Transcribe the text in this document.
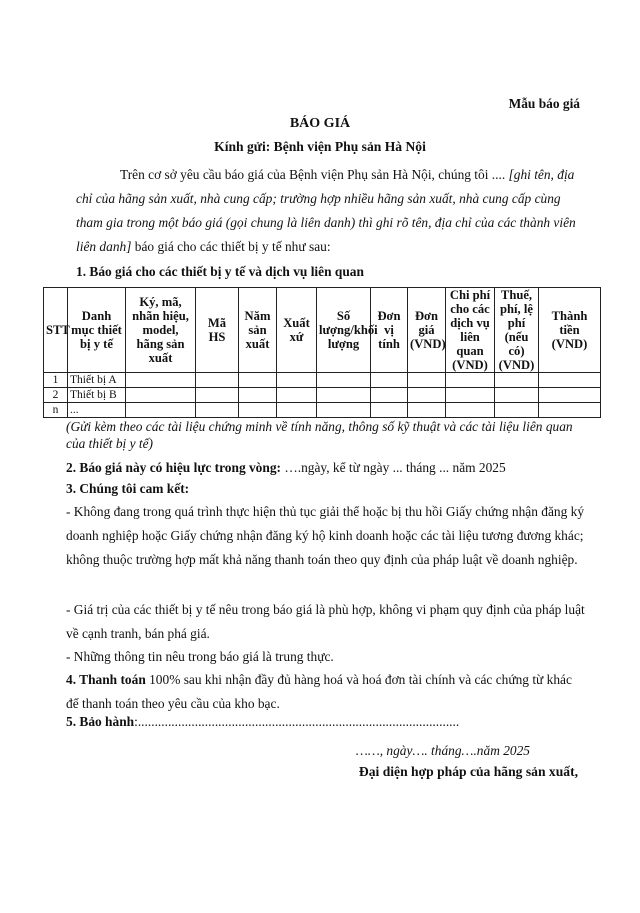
Mẫu báo giá
BÁO GIÁ
Kính gửi: Bệnh viện Phụ sản Hà Nội
Trên cơ sở yêu cầu báo giá của Bệnh viện Phụ sản Hà Nội, chúng tôi .... [ghi tên, địa chỉ của hãng sản xuất, nhà cung cấp; trường hợp nhiều hãng sản xuất, nhà cung cấp cùng tham gia trong một báo giá (gọi chung là liên danh) thì ghi rõ tên, địa chỉ của các thành viên liên danh] báo giá cho các thiết bị y tế như sau:
1. Báo giá cho các thiết bị y tế và dịch vụ liên quan
STT	Danh mục thiết bị y tế	Ký, mã, nhãn hiệu, model, hãng sản xuất	Mã HS	Năm sản xuất	Xuất xứ	Số lượng/khối lượng	Đơn vị tính	Đơn giá (VND)	Chi phí cho các dịch vụ liên quan (VND)	Thuế, phí, lệ phí (nếu có) (VND)	Thành tiền (VND)
1	Thiết bị A										
2	Thiết bị B										
n	...										
(Gửi kèm theo các tài liệu chứng minh về tính năng, thông số kỹ thuật và các tài liệu liên quan của thiết bị y tế)
2. Báo giá này có hiệu lực trong vòng: ….ngày, kể từ ngày ... tháng ... năm 2025
3. Chúng tôi cam kết:
- Không đang trong quá trình thực hiện thủ tục giải thể hoặc bị thu hồi Giấy chứng nhận đăng ký doanh nghiệp hoặc Giấy chứng nhận đăng ký hộ kinh doanh hoặc các tài liệu tương đương khác; không thuộc trường hợp mất khả năng thanh toán theo quy định của pháp luật về doanh nghiệp.
- Giá trị của các thiết bị y tế nêu trong báo giá là phù hợp, không vi phạm quy định của pháp luật về cạnh tranh, bán phá giá.
- Những thông tin nêu trong báo giá là trung thực.
4. Thanh toán 100% sau khi nhận đầy đủ hàng hoá và hoá đơn tài chính và các chứng từ khác để thanh toán theo yêu cầu của kho bạc.
5. Bảo hành:................................................................................................
……, ngày…. tháng….năm 2025
Đại diện hợp pháp của hãng sản xuất,
